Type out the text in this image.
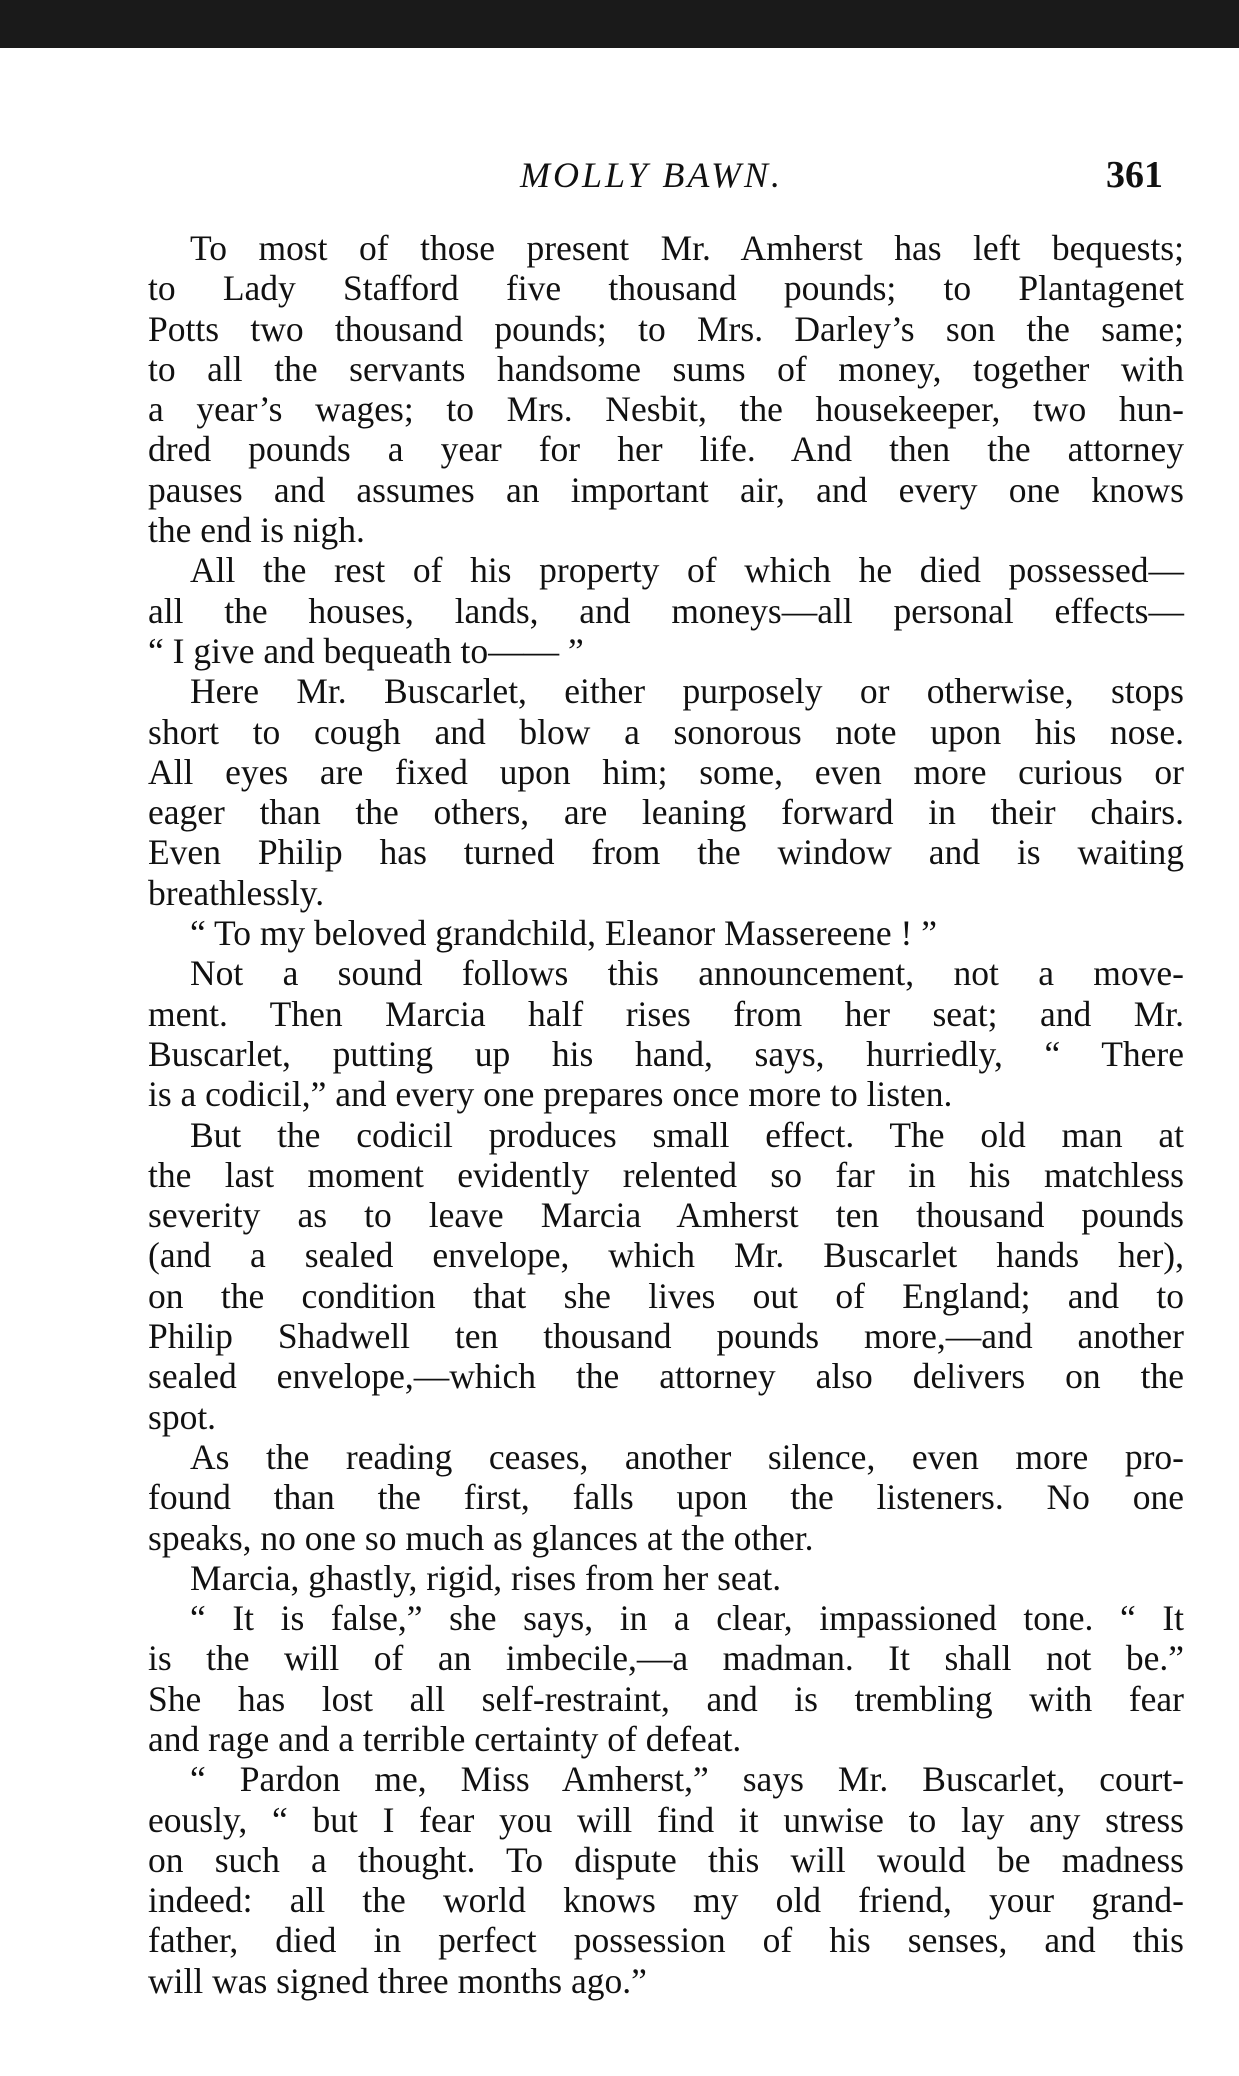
MOLLY BAWN.	361
To most of those present Mr. Amherst has left bequests;
to Lady Stafford five thousand pounds; to Plantagenet
Potts two thousand pounds; to Mrs. Darley’s son the same;
to all the servants handsome sums of money, together with
a year’s wages; to Mrs. Nesbit, the housekeeper, two hun-
dred pounds a year for her life. And then the attorney
pauses and assumes an important air, and every one knows
the end is nigh.
All the rest of his property of which he died possessed—
all the houses, lands, and moneys—all personal effects—
“ I give and bequeath to—— ”
Here Mr. Buscarlet, either purposely or otherwise, stops
short to cough and blow a sonorous note upon his nose.
All eyes are fixed upon him; some, even more curious or
eager than the others, are leaning forward in their chairs.
Even Philip has turned from the window and is waiting
breathlessly.
“ To my beloved grandchild, Eleanor Massereene ! ”
Not a sound follows this announcement, not a move-
ment. Then Marcia half rises from her seat; and Mr.
Buscarlet, putting up his hand, says, hurriedly, “ There
is a codicil,” and every one prepares once more to listen.
But the codicil produces small effect. The old man at
the last moment evidently relented so far in his matchless
severity as to leave Marcia Amherst ten thousand pounds
(and a sealed envelope, which Mr. Buscarlet hands her),
on the condition that she lives out of England; and to
Philip Shadwell ten thousand pounds more,—and another
sealed envelope,—which the attorney also delivers on the
spot.
As the reading ceases, another silence, even more pro-
found than the first, falls upon the listeners. No one
speaks, no one so much as glances at the other.
Marcia, ghastly, rigid, rises from her seat.
“ It is false,” she says, in a clear, impassioned tone. “ It
is the will of an imbecile,—a madman. It shall not be.”
She has lost all self-restraint, and is trembling with fear
and rage and a terrible certainty of defeat.
“ Pardon me, Miss Amherst,” says Mr. Buscarlet, court-
eously, “ but I fear you will find it unwise to lay any stress
on such a thought. To dispute this will would be madness
indeed: all the world knows my old friend, your grand-
father, died in perfect possession of his senses, and this
will was signed three months ago.”
